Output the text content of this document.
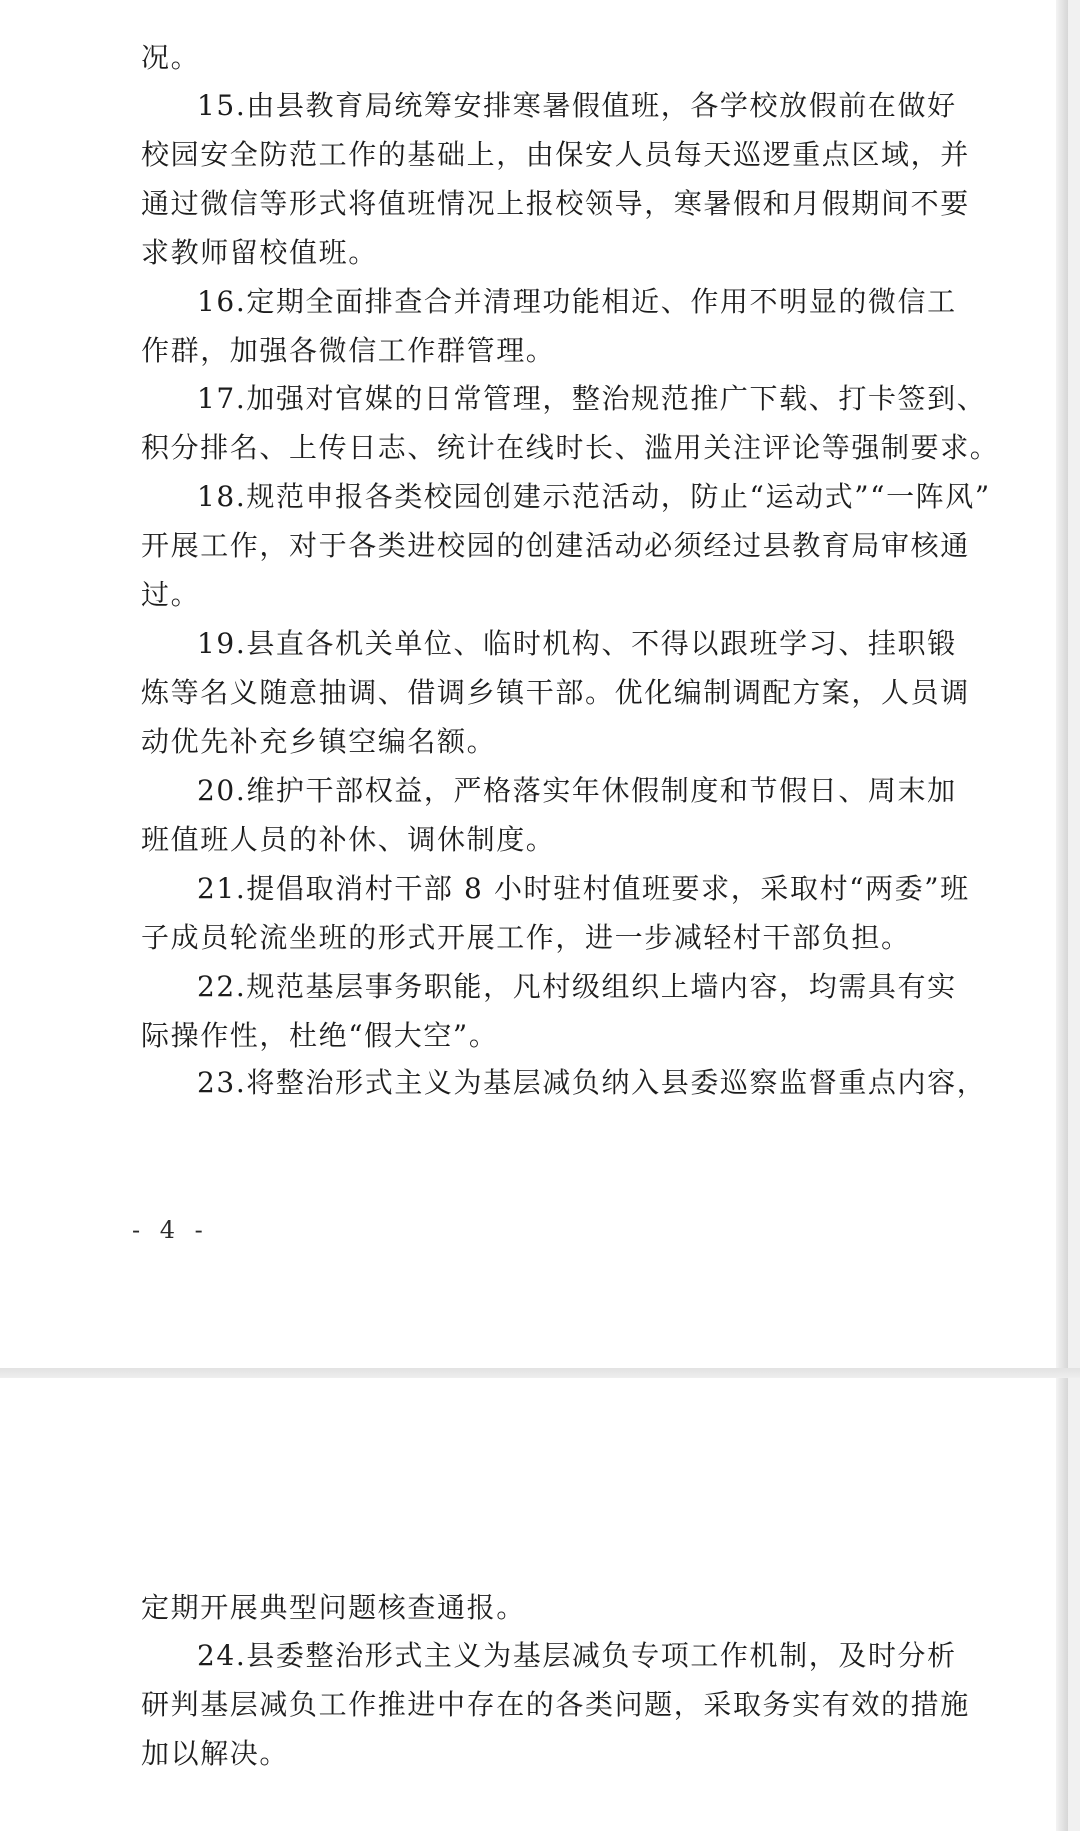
况。
15.由县教育局统筹安排寒暑假值班，各学校放假前在做好
校园安全防范工作的基础上，由保安人员每天巡逻重点区域，并
通过微信等形式将值班情况上报校领导，寒暑假和月假期间不要
求教师留校值班。
16.定期全面排查合并清理功能相近、作用不明显的微信工
作群，加强各微信工作群管理。
17.加强对官媒的日常管理，整治规范推广下载、打卡签到、
积分排名、上传日志、统计在线时长、滥用关注评论等强制要求。
18.规范申报各类校园创建示范活动，防止“运动式”“一阵风”
开展工作，对于各类进校园的创建活动必须经过县教育局审核通
过。
19.县直各机关单位、临时机构、不得以跟班学习、挂职锻
炼等名义随意抽调、借调乡镇干部。优化编制调配方案，人员调
动优先补充乡镇空编名额。
20.维护干部权益，严格落实年休假制度和节假日、周末加
班值班人员的补休、调休制度。
21.提倡取消村干部 8 小时驻村值班要求，采取村“两委”班
子成员轮流坐班的形式开展工作，进一步减轻村干部负担。
22.规范基层事务职能，凡村级组织上墙内容，均需具有实
际操作性，杜绝“假大空”。
23.将整治形式主义为基层减负纳入县委巡察监督重点内容，
- 4 -
定期开展典型问题核查通报。
24.县委整治形式主义为基层减负专项工作机制，及时分析
研判基层减负工作推进中存在的各类问题，采取务实有效的措施
加以解决。
